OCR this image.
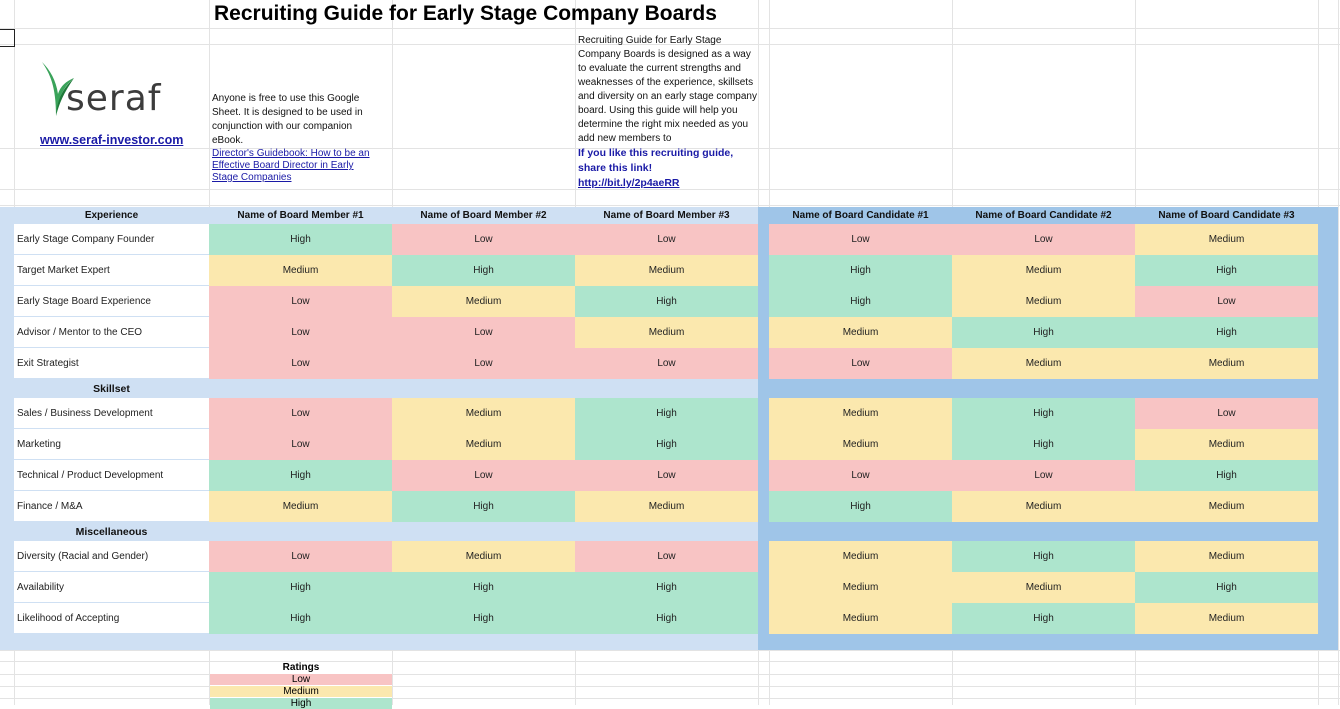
Recruiting Guide for Early Stage Company Boards
seraf
www.seraf-investor.com
Anyone is free to use this Google Sheet. It is designed to be used in conjunction with our companion eBook.
Director's Guidebook: How to be an Effective Board Director in Early Stage Companies
Recruiting Guide for Early Stage Company Boards is designed as a way to evaluate the current strengths and weaknesses of the experience, skillsets and diversity on an early stage company board. Using this guide will help you determine the right mix needed as you add new members to
If you like this recruiting guide, share this link!
http://bit.ly/2p4aeRR
Experience	Name of Board Member #1	Name of Board Member #2	Name of Board Member #3	Name of Board Candidate #1	Name of Board Candidate #2	Name of Board Candidate #3
Early Stage Company Founder	High	Low	Low	Low	Low	Medium
Target Market Expert	Medium	High	Medium	High	Medium	High
Early Stage Board Experience	Low	Medium	High	High	Medium	Low
Advisor / Mentor to the CEO	Low	Low	Medium	Medium	High	High
Exit Strategist	Low	Low	Low	Low	Medium	Medium
Skillset
Sales / Business Development	Low	Medium	High	Medium	High	Low
Marketing	Low	Medium	High	Medium	High	Medium
Technical / Product Development	High	Low	Low	Low	Low	High
Finance / M&A	Medium	High	Medium	High	Medium	Medium
Miscellaneous
Diversity (Racial and Gender)	Low	Medium	Low	Medium	High	Medium
Availability	High	High	High	Medium	Medium	High
Likelihood of Accepting	High	High	High	Medium	High	Medium
Ratings
Low
Medium
High
